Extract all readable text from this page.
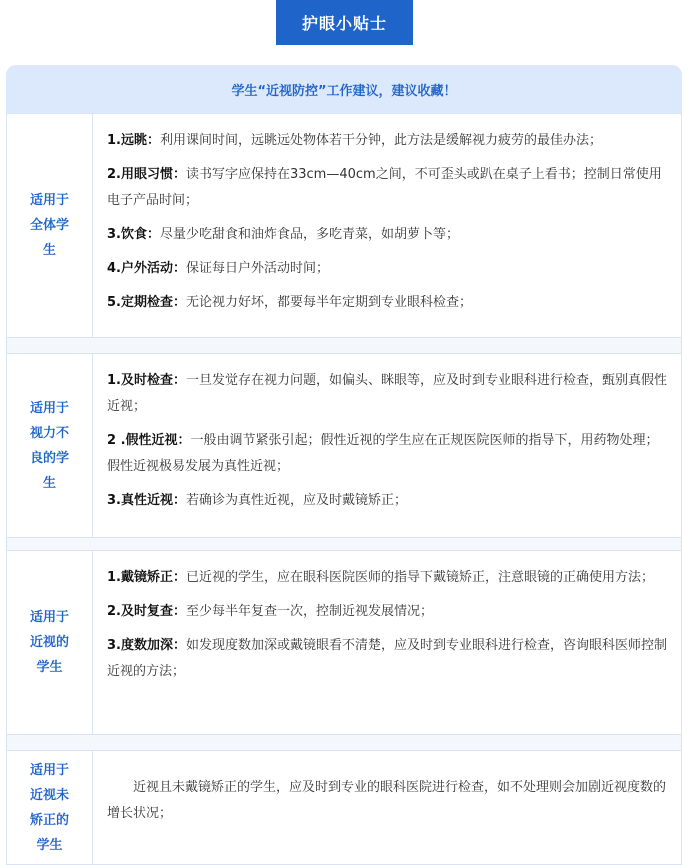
护眼小贴士
学生“近视防控”工作建议，建议收藏！
适用于
全体学
生
1.远眺：利用课间时间，远眺远处物体若干分钟，此方法是缓解视力疲劳的最佳办法；
2.用眼习惯：读书写字应保持在33cm—40cm之间，不可歪头或趴在桌子上看书；控制日常使用电子产品时间；
3.饮食：尽量少吃甜食和油炸食品，多吃青菜，如胡萝卜等；
4.户外活动：保证每日户外活动时间；
5.定期检查：无论视力好坏，都要每半年定期到专业眼科检查；
适用于
视力不
良的学
生
1.及时检查：一旦发觉存在视力问题，如偏头、眯眼等，应及时到专业眼科进行检查，甄别真假性近视；
2 .假性近视：一般由调节紧张引起；假性近视的学生应在正规医院医师的指导下，用药物处理；假性近视极易发展为真性近视；
3.真性近视：若确诊为真性近视，应及时戴镜矫正；
适用于
近视的
学生
1.戴镜矫正：已近视的学生，应在眼科医院医师的指导下戴镜矫正，注意眼镜的正确使用方法；
2.及时复查：至少每半年复查一次，控制近视发展情况；
3.度数加深：如发现度数加深或戴镜眼看不清楚，应及时到专业眼科进行检查，咨询眼科医师控制近视的方法；
适用于
近视未
矫正的
学生
近视且未戴镜矫正的学生，应及时到专业的眼科医院进行检查，如不处理则会加剧近视度数的增长状况；
